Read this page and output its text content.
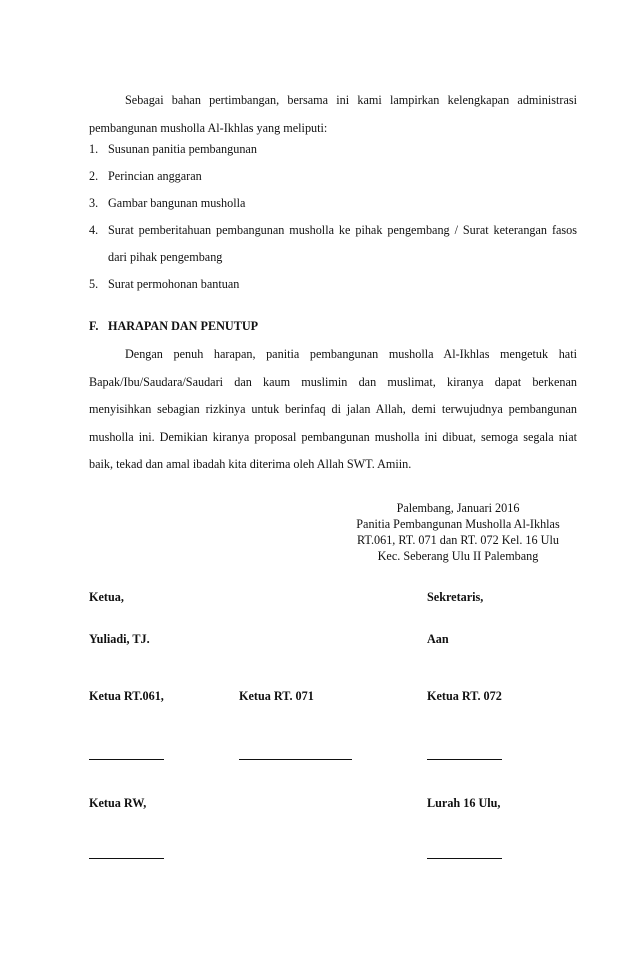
Sebagai bahan pertimbangan, bersama ini kami lampirkan kelengkapan administrasi pembangunan musholla Al-Ikhlas yang meliputi:

1. Susunan panitia pembangunan
2. Perincian anggaran
3. Gambar bangunan musholla
4. Surat pemberitahuan pembangunan musholla ke pihak pengembang / Surat keterangan fasos dari pihak pengembang
5. Surat permohonan bantuan

F. HARAPAN DAN PENUTUP

Dengan penuh harapan, panitia pembangunan musholla Al-Ikhlas mengetuk hati Bapak/Ibu/Saudara/Saudari dan kaum muslimin dan muslimat, kiranya dapat berkenan menyisihkan sebagian rizkinya untuk berinfaq di jalan Allah, demi terwujudnya pembangunan musholla ini. Demikian kiranya proposal pembangunan musholla ini dibuat, semoga segala niat baik, tekad dan amal ibadah kita diterima oleh Allah SWT. Amiin.

Palembang, Januari 2016
Panitia Pembangunan Musholla Al-Ikhlas
RT.061, RT. 071 dan RT. 072 Kel. 16 Ulu
Kec. Seberang Ulu II Palembang
Ketua,	Sekretaris,
Yuliadi, TJ.	Aan
Ketua RT.061,	Ketua RT. 071	Ketua RT. 072
Ketua RW,	Lurah 16 Ulu,
